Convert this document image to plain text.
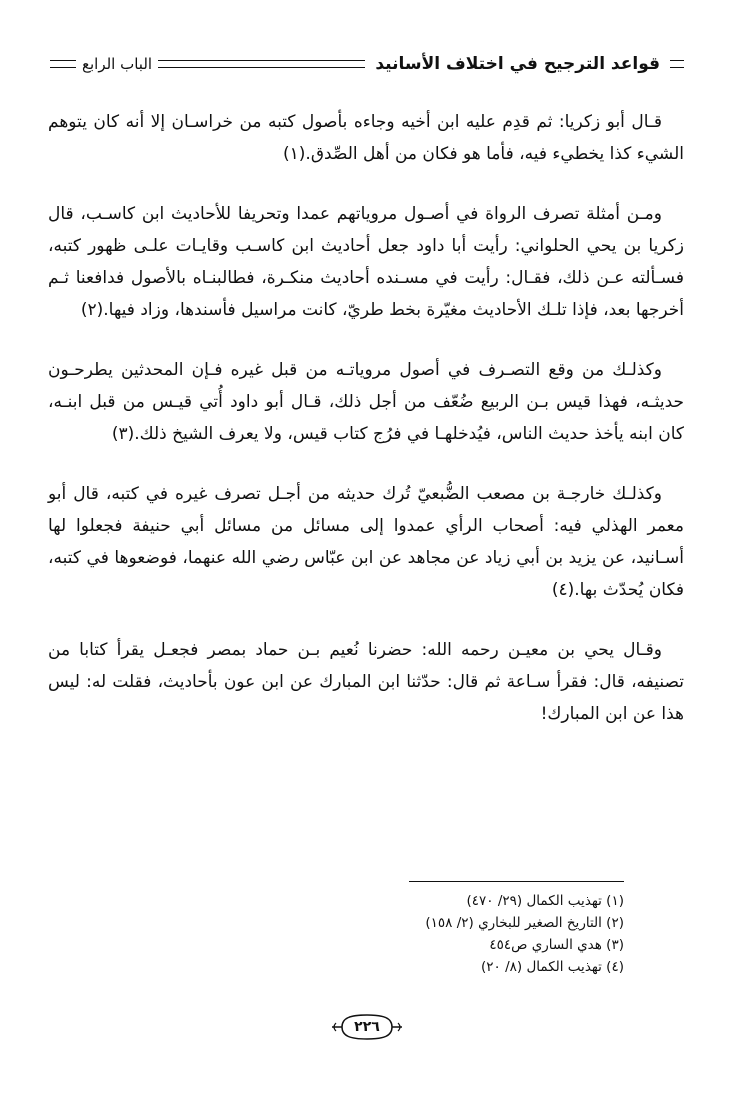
قواعد الترجيح في اختلاف الأسانيد
الباب الرابع

قـال أبو زكريا: ثم قدِم عليه ابن أخيه وجاءه بأصول كتبه من خراسـان إلا أنه كان يتوهم الشيء كذا يخطيء فيه، فأما هو فكان من أهل الصِّدق.(١)

ومـن أمثلة تصرف الرواة في أصـول مروياتهم عمدا وتحريفا للأحاديث ابن كاسـب، قال زكريا بن يحي الحلواني: رأيت أبا داود جعل أحاديث ابن كاسـب وقايـات علـى ظهور كتبه، فسـألته عـن ذلك، فقـال: رأيت في مسـنده أحاديث منكـرة، فطالبنـاه بالأصول فدافعنا ثـم أخرجها بعد، فإذا تلـك الأحاديث مغيّرة بخط طريّ، كانت مراسيل فأسندها، وزاد فيها.(٢)

وكذلـك من وقع التصـرف في أصول مروياتـه من قبل غيره فـإن المحدثين يطرحـون حديثـه، فهذا قيس بـن الربيع ضُعّف من أجل ذلك، قـال أبو داود أُتي قيـس من قبل ابنـه، كان ابنه يأخذ حديث الناس، فيُدخلهـا في فرُج كتاب قيس، ولا يعرف الشيخ ذلك.(٣)

وكذلـك خارجـة بن مصعب الضُّبعيّ تُرك حديثه من أجـل تصرف غيره في كتبه، قال أبو معمر الهذلي فيه: أصحاب الرأي عمدوا إلى مسائل من مسائل أبي حنيفة فجعلوا لها أسـانيد، عن يزيد بن أبي زياد عن مجاهد عن ابن عبّاس رضي الله عنهما، فوضعوها في كتبه، فكان يُحدّث بها.(٤)

وقـال يحي بن معيـن رحمه الله: حضرنا نُعيم بـن حماد بمصر فجعـل يقرأ كتابا من تصنيفه، قال: فقرأ سـاعة ثم قال: حدّثنا ابن المبارك عن ابن عون بأحاديث، فقلت له: ليس هذا عن ابن المبارك!

(١) تهذيب الكمال (٢٩/ ٤٧٠)
(٢) التاريخ الصغير للبخاري (٢/ ١٥٨)
(٣) هدي الساري ص٤٥٤
(٤) تهذيب الكمال (٨/ ٢٠)
٢٢٦
